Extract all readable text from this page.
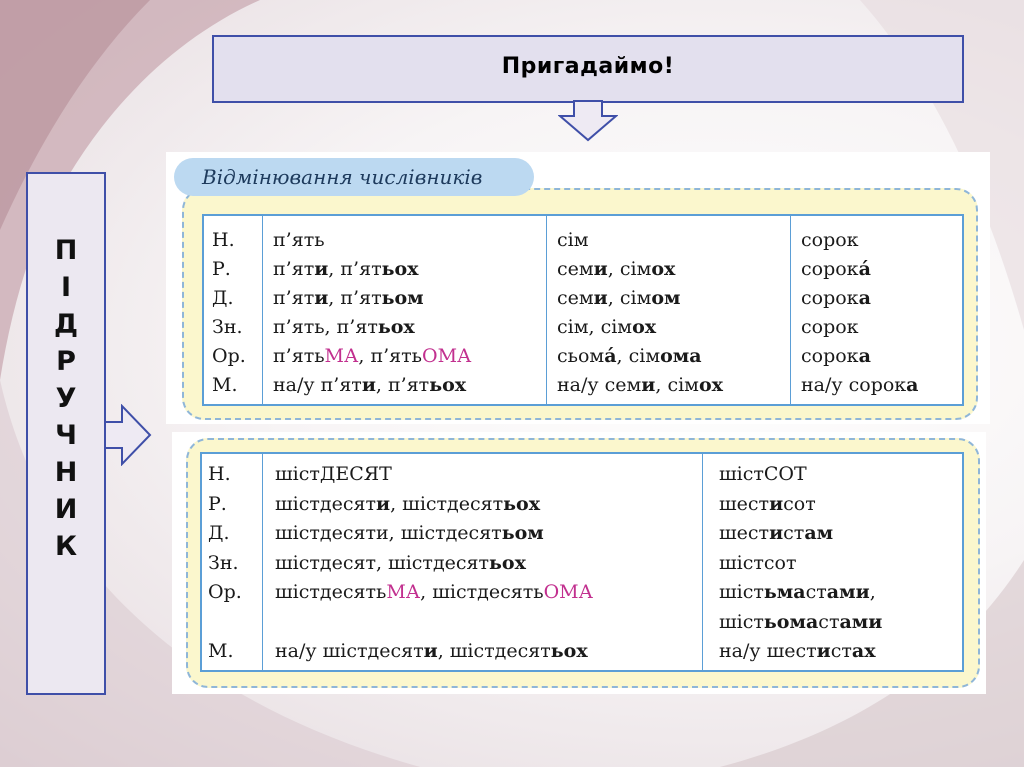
Пригадаймо!
П
І
Д
Р
У
Ч
Н
И
К
Відмінювання числівників
Н.
Р.
Д.
Зн.
Ор.
М.
п’ять
п’яти, п’ятьох
п’яти, п’ятьом
п’ять, п’ятьох
п’ятьМА, п’ятьОМА
на/у п’яти, п’ятьох
сім
семи, сімох
семи, сімом
сім, сімох
сьомá, сімома
на/у семи, сімох
сорок
сорокá
сорока
сорок
сорока
на/у сорока
Н.
Р.
Д.
Зн.
Ор.
М.
шістДЕСЯТ
шістдесяти, шістдесятьох
шістдесяти, шістдесятьом
шістдесят, шістдесятьох
шістдесятьМА, шістдесятьОМА
на/у шістдесяти, шістдесятьох
шістСОТ
шестисот
шестистам
шістсот
шістьмастами,
шістьомастами
на/у шестистах
